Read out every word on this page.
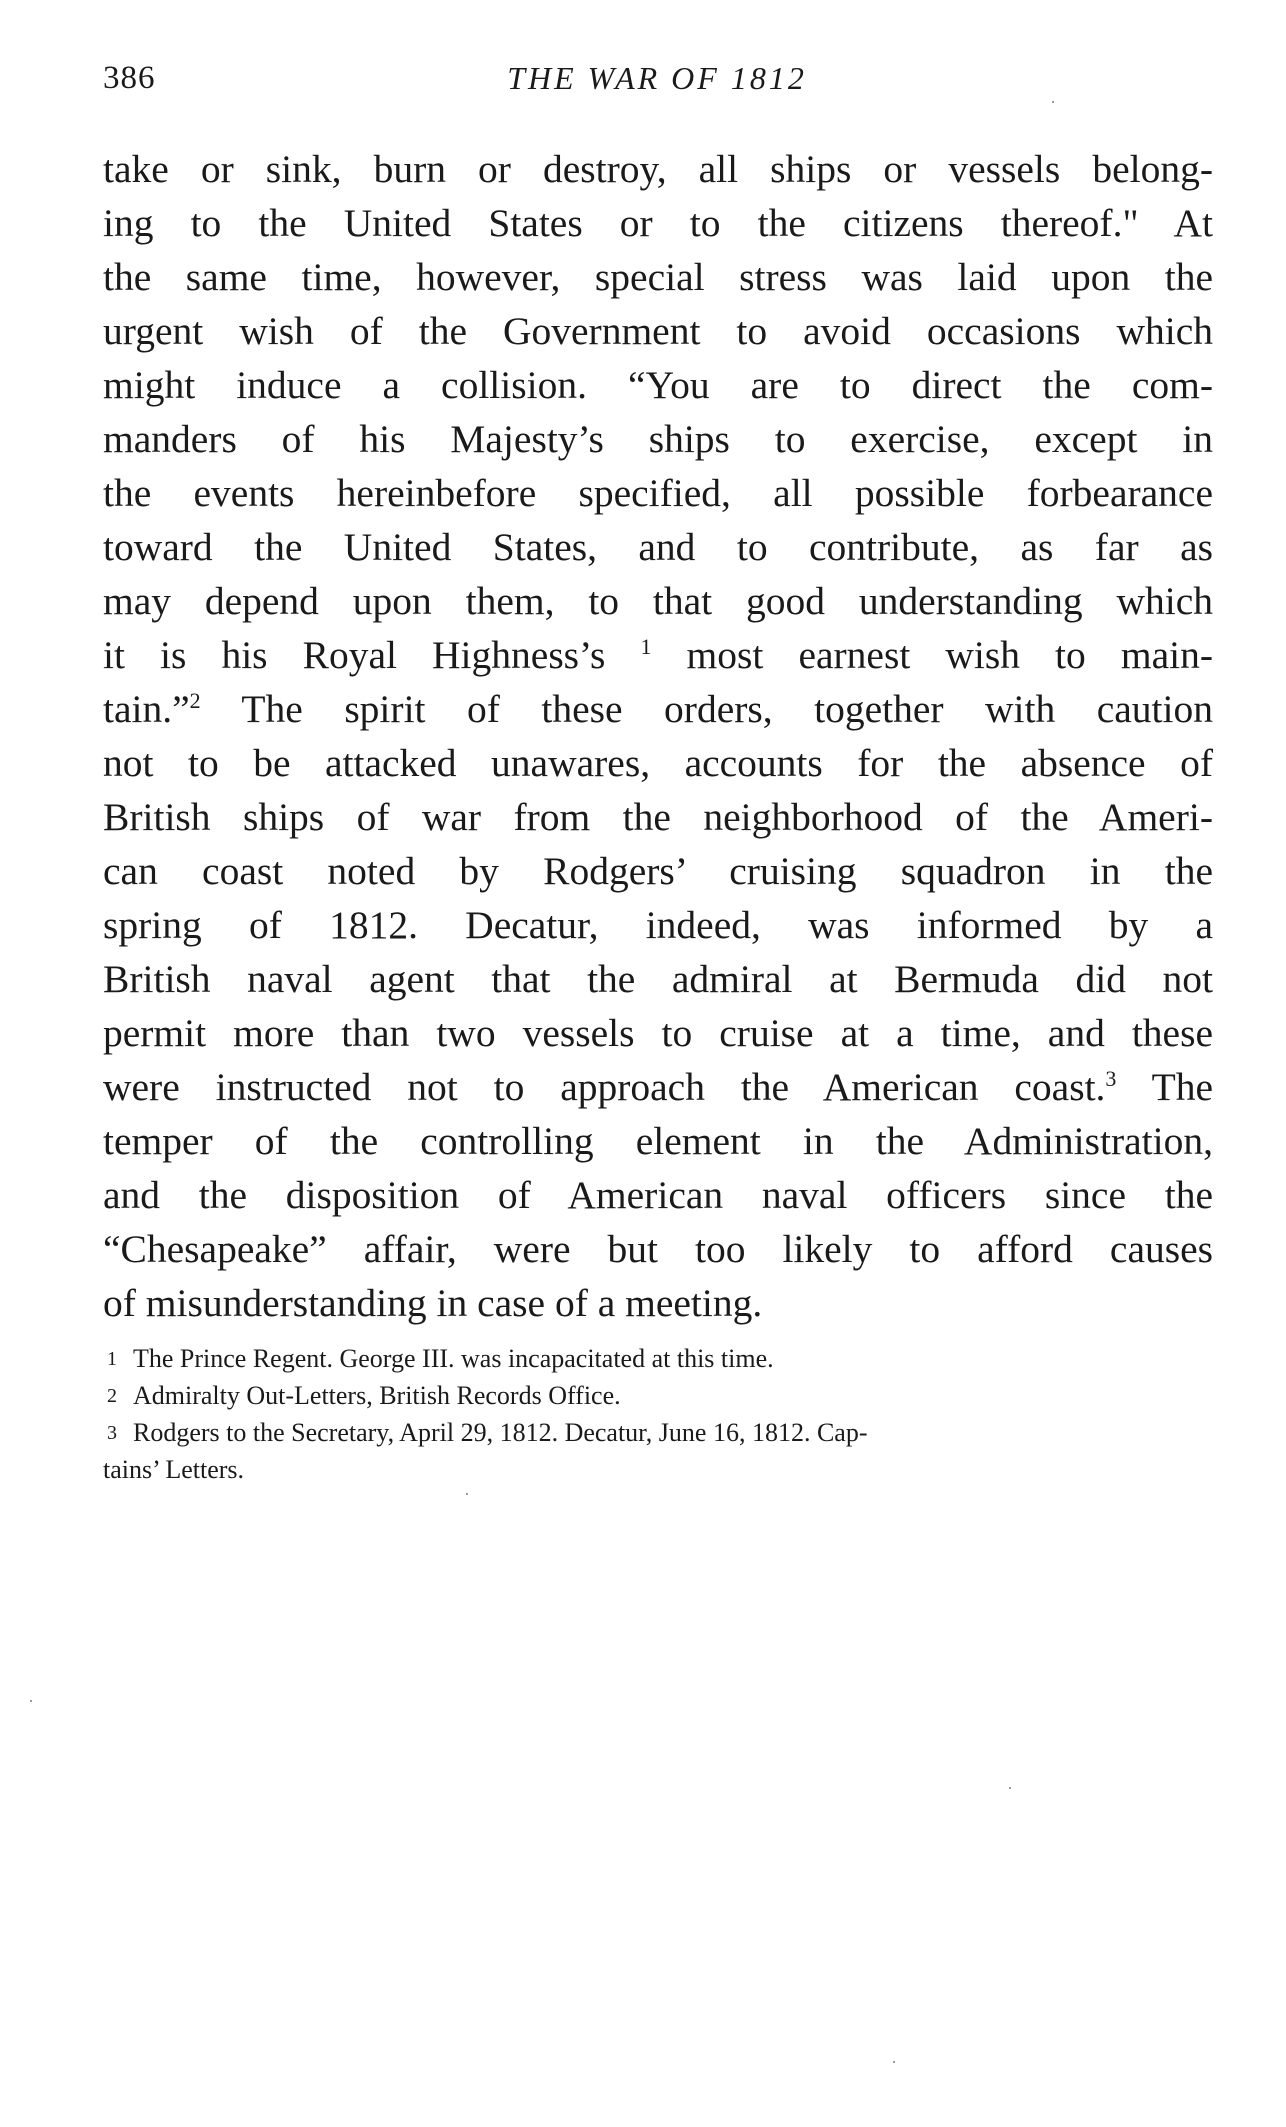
386	THE WAR OF 1812
take or sink, burn or destroy, all ships or vessels belong-
ing to the United States or to the citizens thereof." At
the same time, however, special stress was laid upon the
urgent wish of the Government to avoid occasions which
might induce a collision. “You are to direct the com-
manders of his Majesty’s ships to exercise, except in
the events hereinbefore specified, all possible forbearance
toward the United States, and to contribute, as far as
may depend upon them, to that good understanding which
it is his Royal Highness’s $^1$ most earnest wish to main-
tain.”$^2$ The spirit of these orders, together with caution
not to be attacked unawares, accounts for the absence of
British ships of war from the neighborhood of the Ameri-
can coast noted by Rodgers’ cruising squadron in the
spring of 1812. Decatur, indeed, was informed by a
British naval agent that the admiral at Bermuda did not
permit more than two vessels to cruise at a time, and these
were instructed not to approach the American coast.$^3$ The
temper of the controlling element in the Administration,
and the disposition of American naval officers since the
“Chesapeake” affair, were but too likely to afford causes
of misunderstanding in case of a meeting.
1 The Prince Regent. George III. was incapacitated at this time.
2 Admiralty Out-Letters, British Records Office.
3 Rodgers to the Secretary, April 29, 1812. Decatur, June 16, 1812. Cap-
tains’ Letters.
